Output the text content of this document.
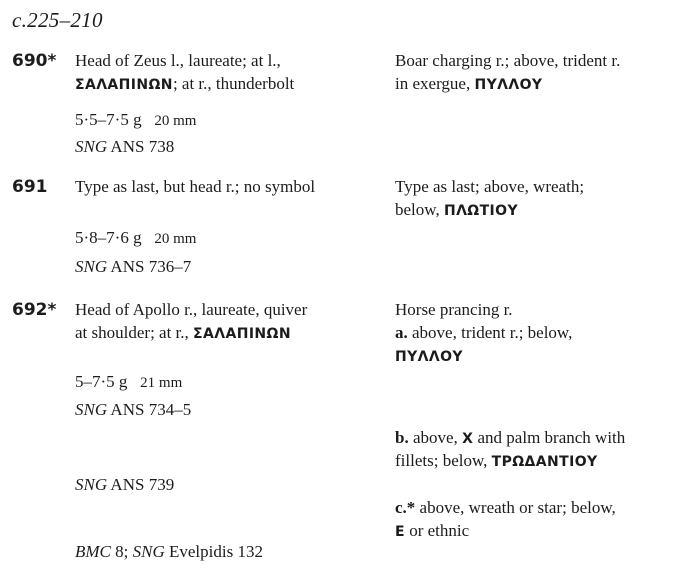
c.225–210
690* Head of Zeus l., laureate; at l.,
ΣΑΛΑΠΙΝΩΝ; at r., thunderbolt
Boar charging r.; above, trident r.
in exergue, ΠΥΛΛΟΥ
5·5–7·5 g 20 mm
SNG ANS 738
691 Type as last, but head r.; no symbol	Type as last; above, wreath;
below, ΠΛΩΤΙΟΥ
5·8–7·6 g 20 mm
SNG ANS 736–7
692* Head of Apollo r., laureate, quiver
at shoulder; at r., ΣΑΛΑΠΙΝΩΝ
Horse prancing r.
a. above, trident r.; below,
ΠΥΛΛΟΥ
5–7·5 g 21 mm
SNG ANS 734–5
b. above, X and palm branch with
fillets; below, ΤΡΩΔΑΝΤΙΟΥ
SNG ANS 739
c.* above, wreath or star; below,
E or ethnic
BMC 8; SNG Evelpidis 132
